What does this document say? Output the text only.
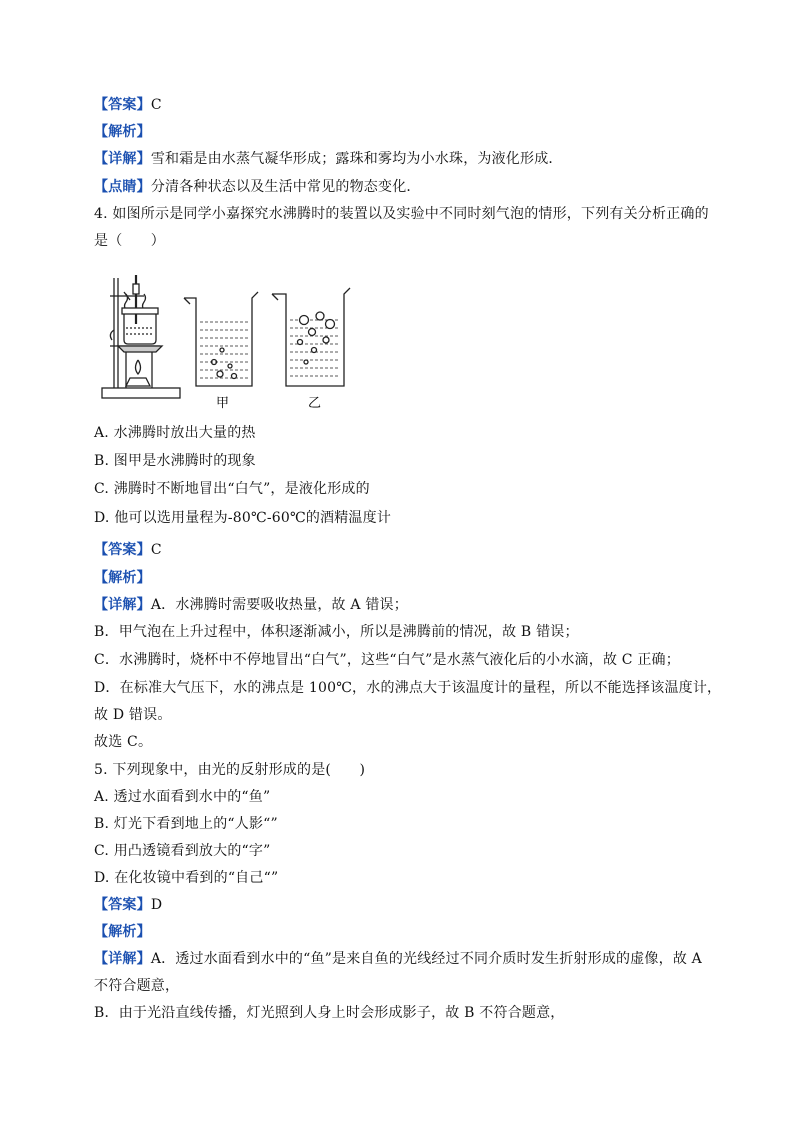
【答案】C
【解析】
【详解】雪和霜是由水蒸气凝华形成；露珠和雾均为小水珠，为液化形成．
【点睛】分清各种状态以及生活中常见的物态变化．
4. 如图所示是同学小嘉探究水沸腾时的装置以及实验中不同时刻气泡的情形，下列有关分析正确的
是（　　）
甲	乙
A. 水沸腾时放出大量的热
B. 图甲是水沸腾时的现象
C. 沸腾时不断地冒出“白气”，是液化形成的
D. 他可以选用量程为-80℃-60℃的酒精温度计
【答案】C
【解析】
【详解】A．水沸腾时需要吸收热量，故 A 错误；
B．甲气泡在上升过程中，体积逐渐减小，所以是沸腾前的情况，故 B 错误；
C．水沸腾时，烧杯中不停地冒出“白气”，这些“白气”是水蒸气液化后的小水滴，故 C 正确；
D．在标准大气压下，水的沸点是 100℃，水的沸点大于该温度计的量程，所以不能选择该温度计，
故 D 错误。
故选 C。
5. 下列现象中，由光的反射形成的是(　　)
A. 透过水面看到水中的“鱼”
B. 灯光下看到地上的“人影“”
C. 用凸透镜看到放大的“字”
D. 在化妆镜中看到的“自己“”
【答案】D
【解析】
【详解】A．透过水面看到水中的“鱼”是来自鱼的光线经过不同介质时发生折射形成的虚像，故 A
不符合题意，
B．由于光沿直线传播，灯光照到人身上时会形成影子，故 B 不符合题意，
